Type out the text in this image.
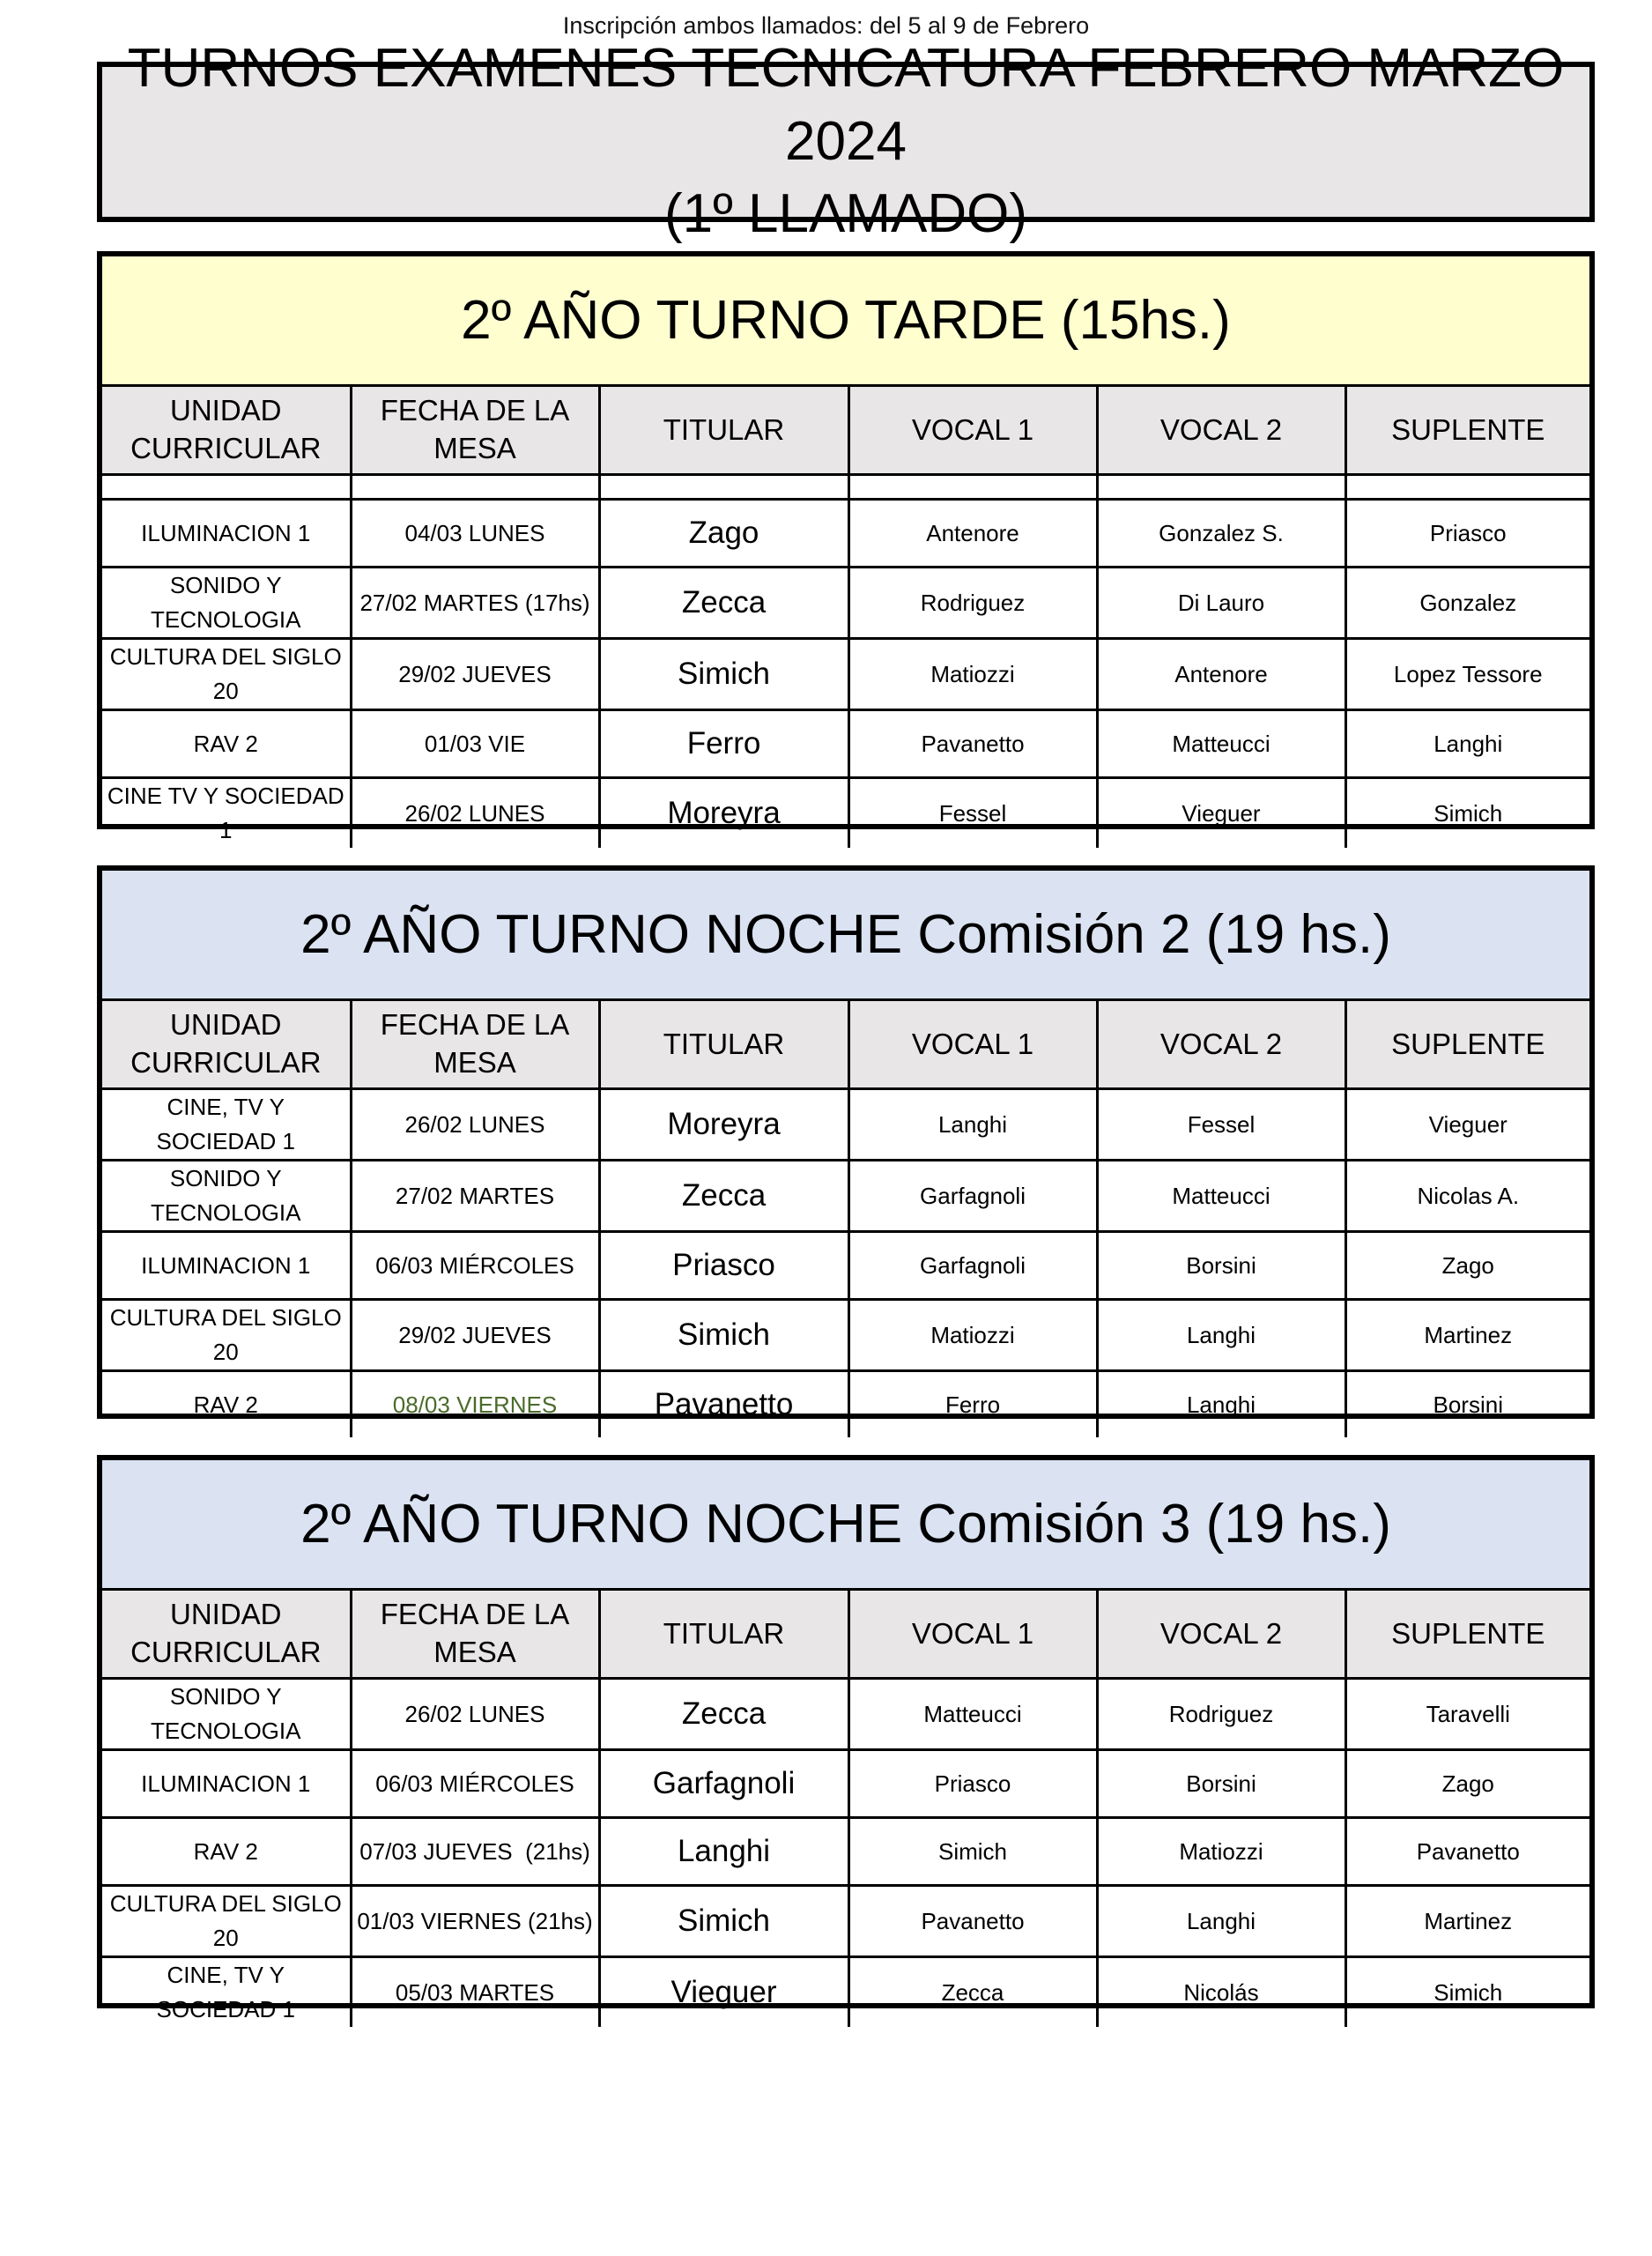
Inscripción ambos llamados: del 5 al 9 de Febrero
TURNOS EXAMENES TECNICATURA FEBRERO MARZO 2024
(1º LLAMADO)
2º AÑO TURNO TARDE (15hs.)
UNIDAD CURRICULAR	FECHA DE LA MESA	TITULAR	VOCAL 1	VOCAL 2	SUPLENTE

ILUMINACION 1	04/03 LUNES	Zago	Antenore	Gonzalez S.	Priasco
SONIDO Y TECNOLOGIA	27/02 MARTES (17hs)	Zecca	Rodriguez	Di Lauro	Gonzalez
CULTURA DEL SIGLO 20	29/02 JUEVES	Simich	Matiozzi	Antenore	Lopez Tessore
RAV 2	01/03 VIE	Ferro	Pavanetto	Matteucci	Langhi
CINE TV Y SOCIEDAD 1	26/02 LUNES	Moreyra	Fessel	Vieguer	Simich
2º AÑO TURNO NOCHE Comisión 2 (19 hs.)
UNIDAD CURRICULAR	FECHA DE LA MESA	TITULAR	VOCAL 1	VOCAL 2	SUPLENTE
CINE, TV Y SOCIEDAD 1	26/02 LUNES	Moreyra	Langhi	Fessel	Vieguer
SONIDO Y TECNOLOGIA	27/02 MARTES	Zecca	Garfagnoli	Matteucci	Nicolas A.
ILUMINACION 1	06/03 MIÉRCOLES	Priasco	Garfagnoli	Borsini	Zago
CULTURA DEL SIGLO 20	29/02 JUEVES	Simich	Matiozzi	Langhi	Martinez
RAV 2	08/03 VIERNES	Pavanetto	Ferro	Langhi	Borsini
2º AÑO TURNO NOCHE Comisión 3 (19 hs.)
UNIDAD CURRICULAR	FECHA DE LA MESA	TITULAR	VOCAL 1	VOCAL 2	SUPLENTE
SONIDO Y TECNOLOGIA	26/02 LUNES	Zecca	Matteucci	Rodriguez	Taravelli
ILUMINACION 1	06/03 MIÉRCOLES	Garfagnoli	Priasco	Borsini	Zago
RAV 2	07/03 JUEVES  (21hs)	Langhi	Simich	Matiozzi	Pavanetto
CULTURA DEL SIGLO 20	01/03 VIERNES (21hs)	Simich	Pavanetto	Langhi	Martinez
CINE, TV Y SOCIEDAD 1	05/03 MARTES	Vieguer	Zecca	Nicolás	Simich
